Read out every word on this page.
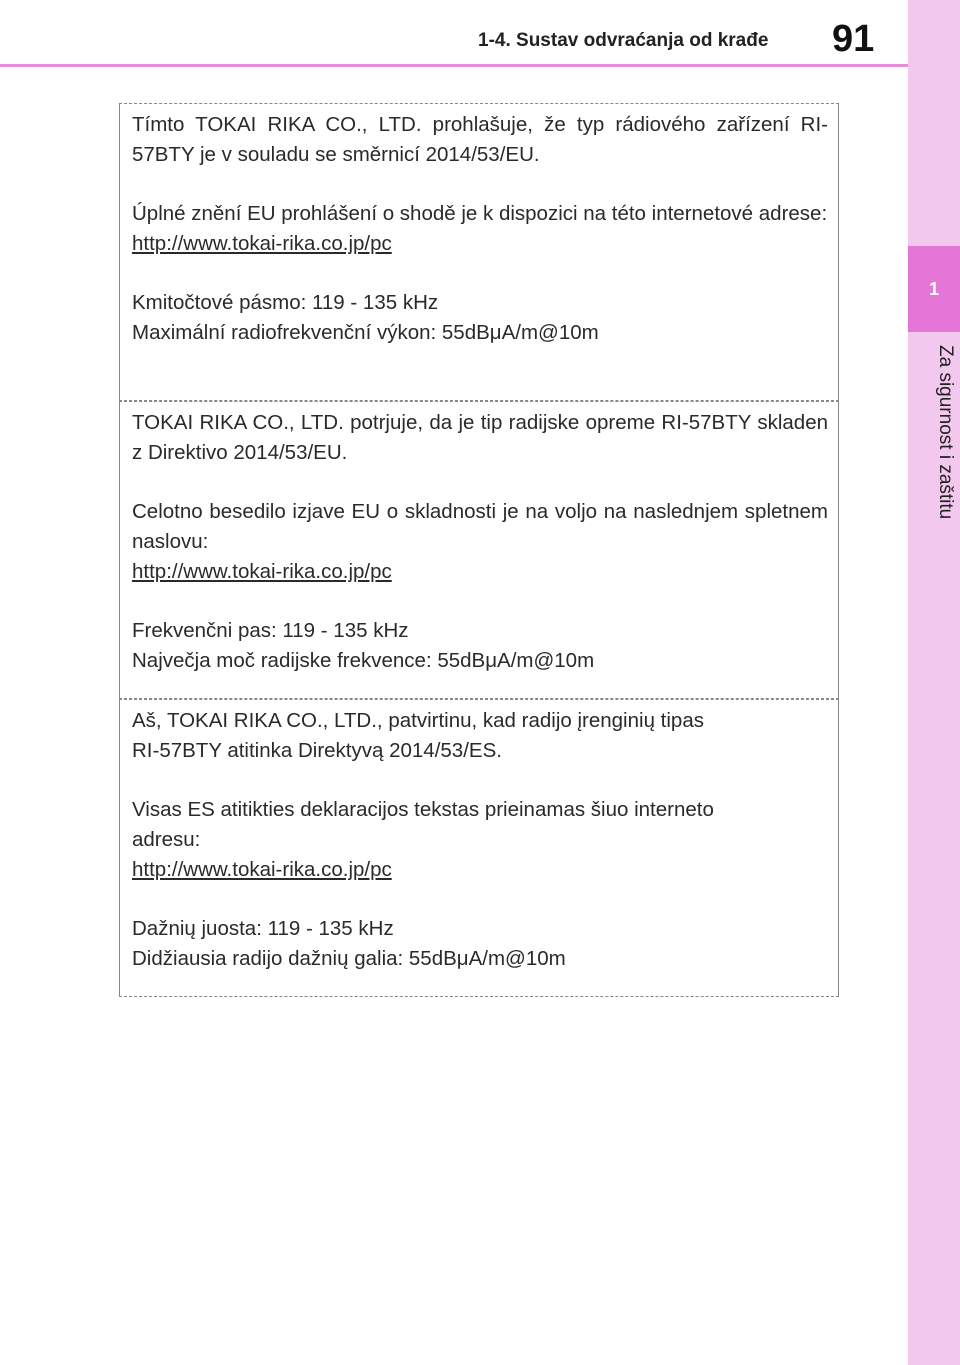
1-4. Sustav odvraćanja od krađe 91
1
Za sigurnost i zaštitu

Tímto TOKAI RIKA CO., LTD. prohlašuje, že typ rádiového zařízení RI-57BTY je v souladu se směrnicí 2014/53/EU.

Úplné znění EU prohlášení o shodě je k dispozici na této internetové adrese:

http://www.tokai-rika.co.jp/pc

Kmitočtové pásmo: 119 - 135 kHz

Maximální radiofrekvenční výkon: 55dBμA/m@10m

TOKAI RIKA CO., LTD. potrjuje, da je tip radijske opreme RI-57BTY skladen z Direktivo 2014/53/EU.

Celotno besedilo izjave EU o skladnosti je na voljo na naslednjem spletnem naslovu:

http://www.tokai-rika.co.jp/pc

Frekvenčni pas: 119 - 135 kHz

Največja moč radijske frekvence: 55dBμA/m@10m

Aš, TOKAI RIKA CO., LTD., patvirtinu, kad radijo įrenginių tipas

RI-57BTY atitinka Direktyvą 2014/53/ES.

Visas ES atitikties deklaracijos tekstas prieinamas šiuo interneto

adresu:

http://www.tokai-rika.co.jp/pc

Dažnių juosta: 119 - 135 kHz

Didžiausia radijo dažnių galia: 55dBμA/m@10m
